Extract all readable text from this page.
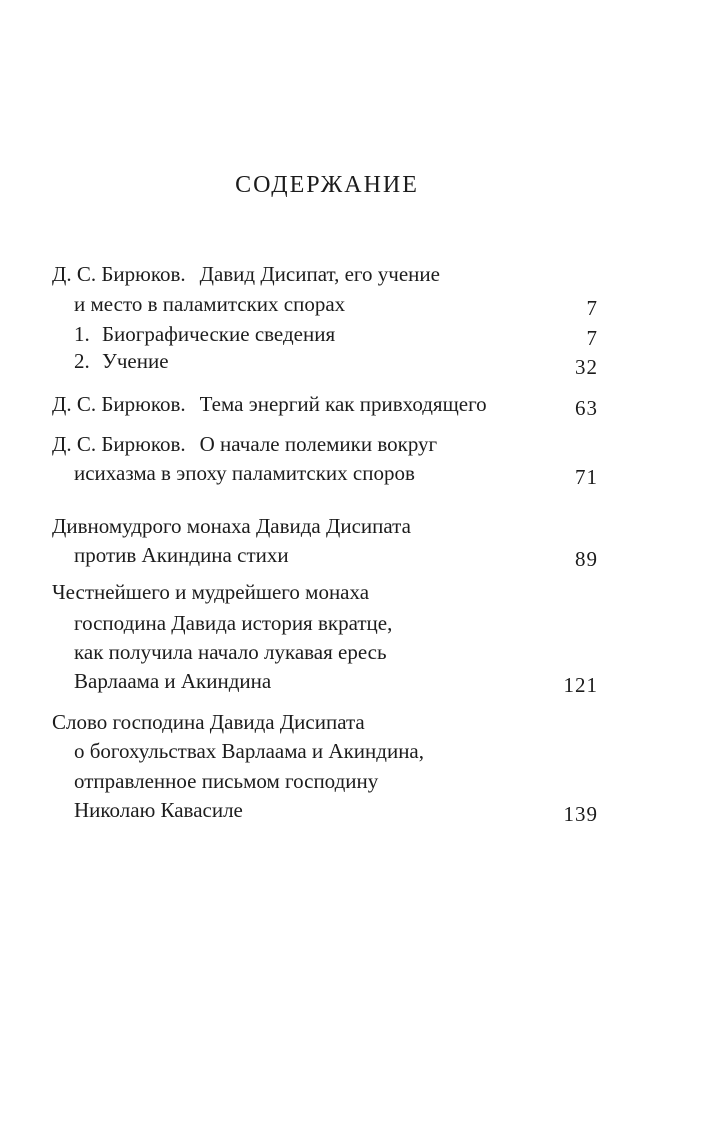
СОДЕРЖАНИЕ
Д. С. Бирюков. Давид Дисипат, его учение
и место в паламитских спорах	7
1. Биографические сведения	7
2. Учение	32
Д. С. Бирюков. Тема энергий как привходящего	63
Д. С. Бирюков. О начале полемики вокруг
исихазма в эпоху паламитских споров	71
Дивномудрого монаха Давида Дисипата
против Акиндина стихи	89
Честнейшего и мудрейшего монаха
господина Давида история вкратце,
как получила начало лукавая ересь
Варлаама и Акиндина	121
Слово господина Давида Дисипата
о богохульствах Варлаама и Акиндина,
отправленное письмом господину
Николаю Кавасиле	139
